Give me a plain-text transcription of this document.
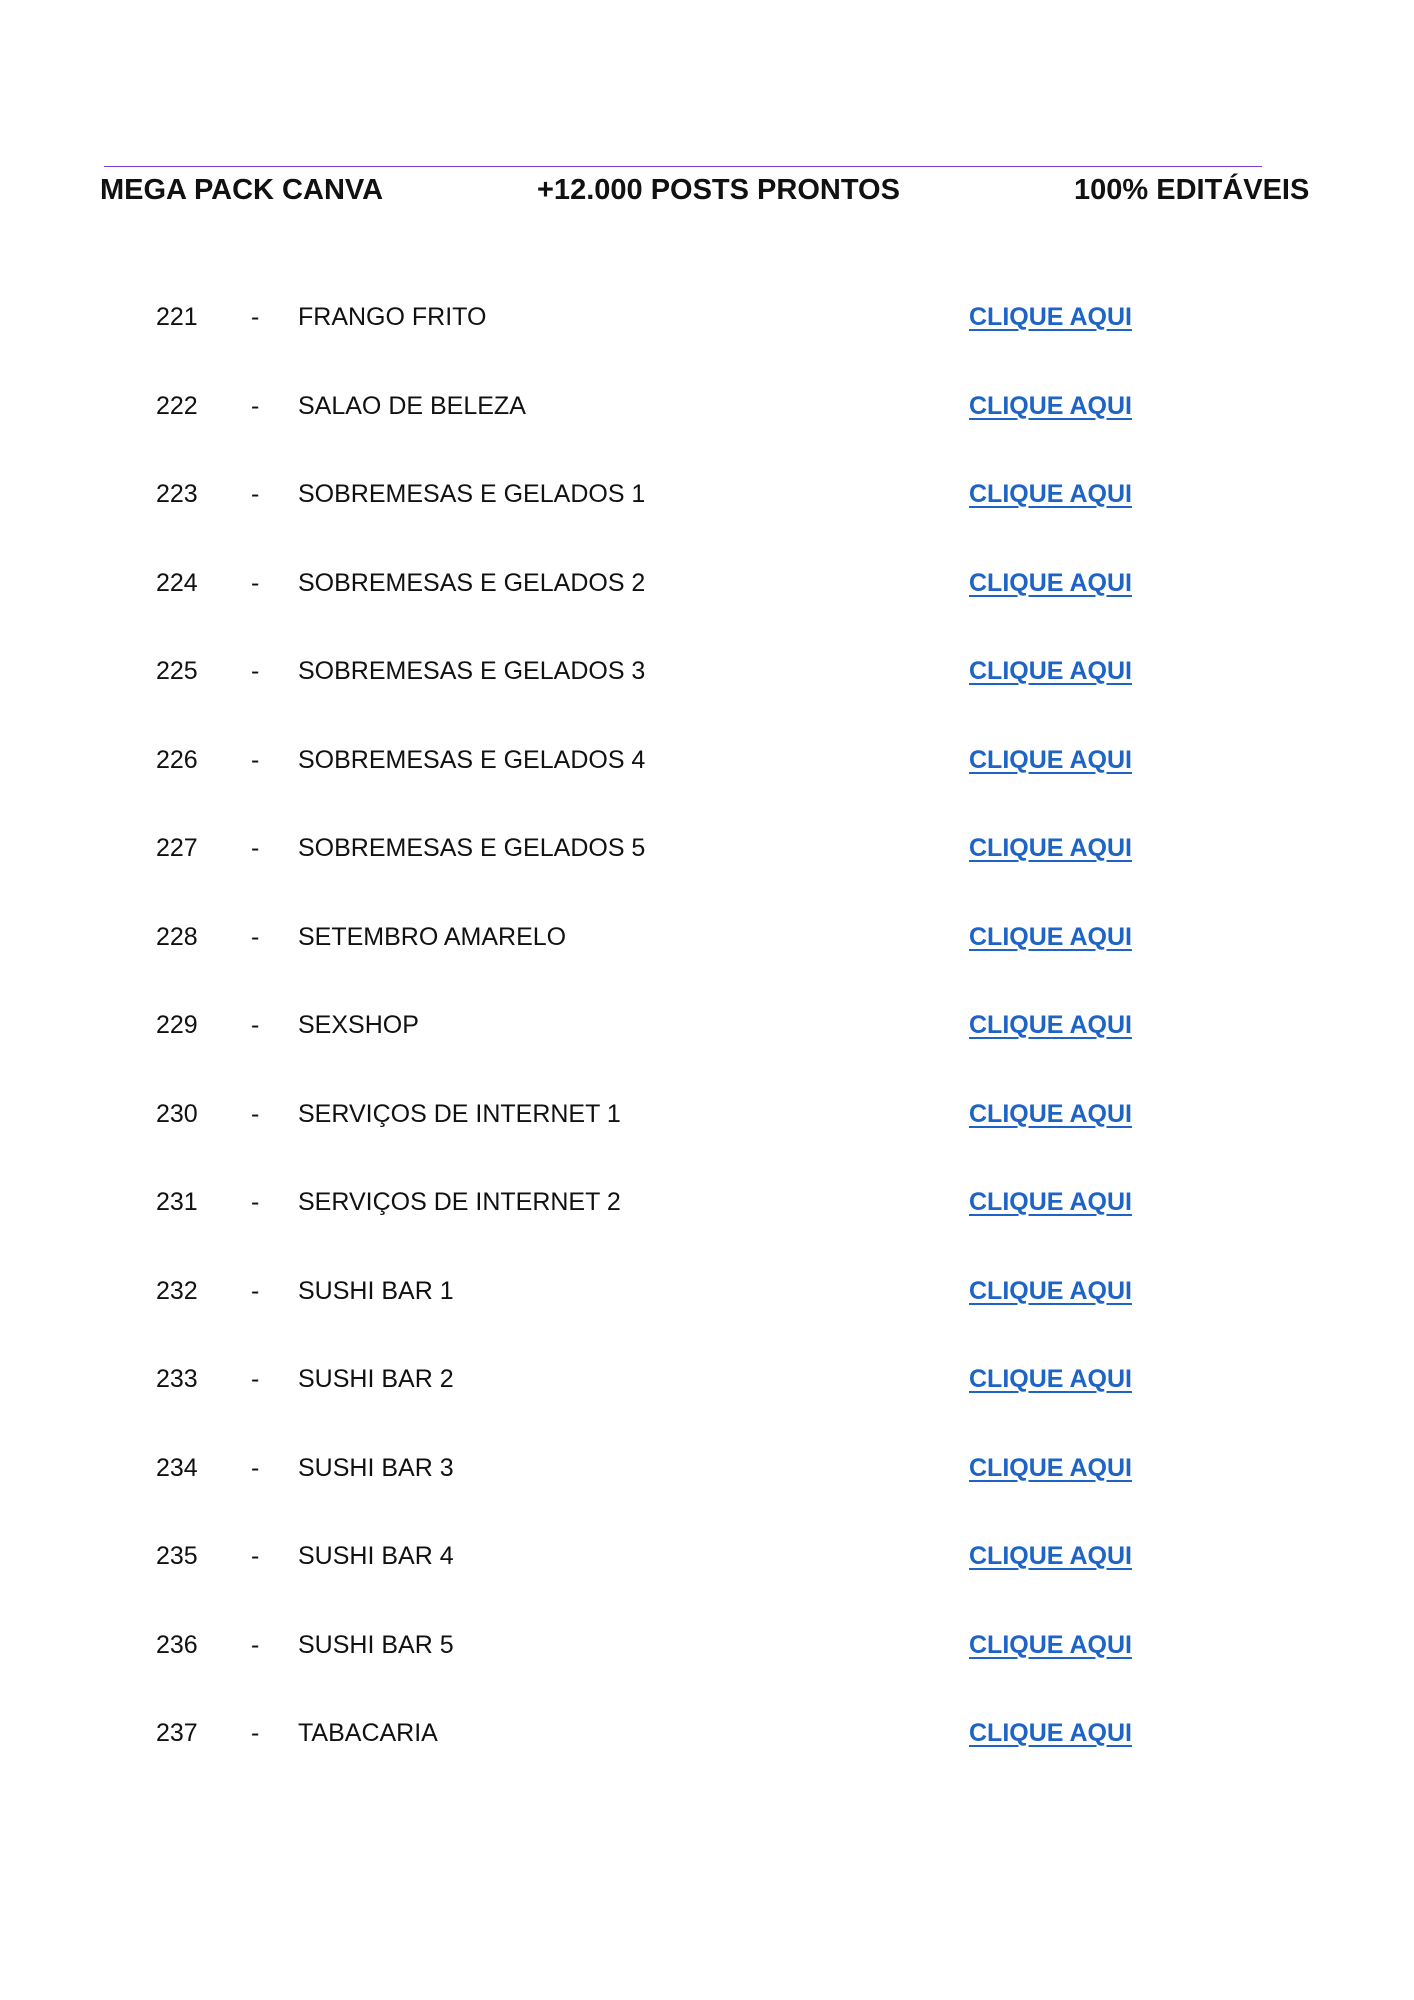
MEGA PACK CANVA	+12.000 POSTS PRONTOS	100% EDITÁVEIS
221 - FRANGO FRITO	CLIQUE AQUI
222 - SALAO DE BELEZA	CLIQUE AQUI
223 - SOBREMESAS E GELADOS 1	CLIQUE AQUI
224 - SOBREMESAS E GELADOS 2	CLIQUE AQUI
225 - SOBREMESAS E GELADOS 3	CLIQUE AQUI
226 - SOBREMESAS E GELADOS 4	CLIQUE AQUI
227 - SOBREMESAS E GELADOS 5	CLIQUE AQUI
228 - SETEMBRO AMARELO	CLIQUE AQUI
229 - SEXSHOP	CLIQUE AQUI
230 - SERVIÇOS DE INTERNET 1	CLIQUE AQUI
231 - SERVIÇOS DE INTERNET 2	CLIQUE AQUI
232 - SUSHI BAR 1	CLIQUE AQUI
233 - SUSHI BAR 2	CLIQUE AQUI
234 - SUSHI BAR 3	CLIQUE AQUI
235 - SUSHI BAR 4	CLIQUE AQUI
236 - SUSHI BAR 5	CLIQUE AQUI
237 - TABACARIA	CLIQUE AQUI
